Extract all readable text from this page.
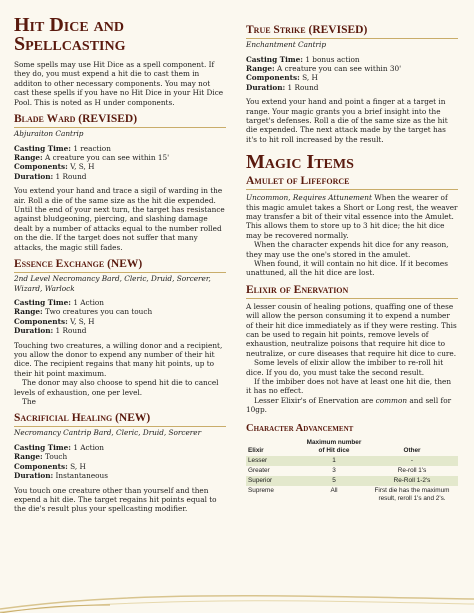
Hit Dice and Spellcasting

Some spells may use Hit Dice as a spell component. If they do, you must expend a hit die to cast them in additon to other necessary components. You may not cast these spells if you have no Hit Dice in your Hit Dice Pool. This is noted as H under components.

Blade Ward (REVISED)
Abjuraiton Cantrip
Casting Time: 1 reaction
Range: A creature you can see within 15'
Components: V, S, H
Duration: 1 Round

You extend your hand and trace a sigil of warding in the air. Roll a die of the same size as the hit die expended. Until the end of your next turn, the target has resistance against bludgeoning, piercing, and slashing damage dealt by a number of attacks equal to the number rolled on the die. If the target does not suffer that many attacks, the magic still fades.

Essence Exchange (NEW)
2nd Level Necromancy Bard, Cleric, Druid, Sorcerer, Wizard, Warlock
Casting Time: 1 Action
Range: Two creatures you can touch
Components: V, S, H
Duration: 1 Round

Touching two creatures, a willing donor and a recipient, you allow the donor to expend any number of their hit dice. The recipient regains that many hit points, up to their hit point maximum.

The donor may also choose to spend hit die to cancel levels of exhaustion, one per level.

The

Sacrificial Healing (NEW)
Necromancy Cantrip Bard, Cleric, Druid, Sorcerer
Casting Time: 1 Action
Range: Touch
Components: S, H
Duration: Instantaneous

You touch one creature other than yourself and then expend a hit die. The target regains hit points equal to the die's result plus your spellcasting modifier.

True Strike (REVISED)
Enchantment Cantrip
Casting Time: 1 bonus action
Range: A creature you can see within 30'
Components: S, H
Duration: 1 Round

You extend your hand and point a finger at a target in range. Your magic grants you a brief insight into the target's defenses. Roll a die of the same size as the hit die expended. The next attack made by the target has it's to hit roll increased by the result.

Magic Items
Amulet of Lifeforce

Uncommon, Requires Attunement When the wearer of this magic amulet takes a Short or Long rest, the weaver may transfer a bit of their vital essence into the Amulet. This allows them to store up to 3 hit dice; the hit dice may be recovered normally.

When the character expends hit dice for any reason, they may use the one's stored in the amulet.

When found, it will contain no hit dice. If it becomes unattuned, all the hit dice are lost.

Elixir of Enervation

A lesser cousin of healing potions, quaffing one of these will allow the person consuming it to expend a number of their hit dice immediately as if they were resting. This can be used to regain hit points, remove levels of exhaustion, neutralize poisons that require hit dice to neutralize, or cure diseases that require hit dice to cure.

Some levels of elixir allow the imbiber to re-roll hit dice. If you do, you must take the second result.

If the imbiber does not have at least one hit die, then it has no effect.

Lesser Elixir's of Enervation are common and sell for 10gp.

Character Advancement
Elixir	Maximum number of Hit dice	Other
Lesser	1	-
Greater	3	Re-roll 1's
Superior	5	Re-Roll 1-2's
Supreme	All	First die has the maximum result, reroll 1's and 2's.
